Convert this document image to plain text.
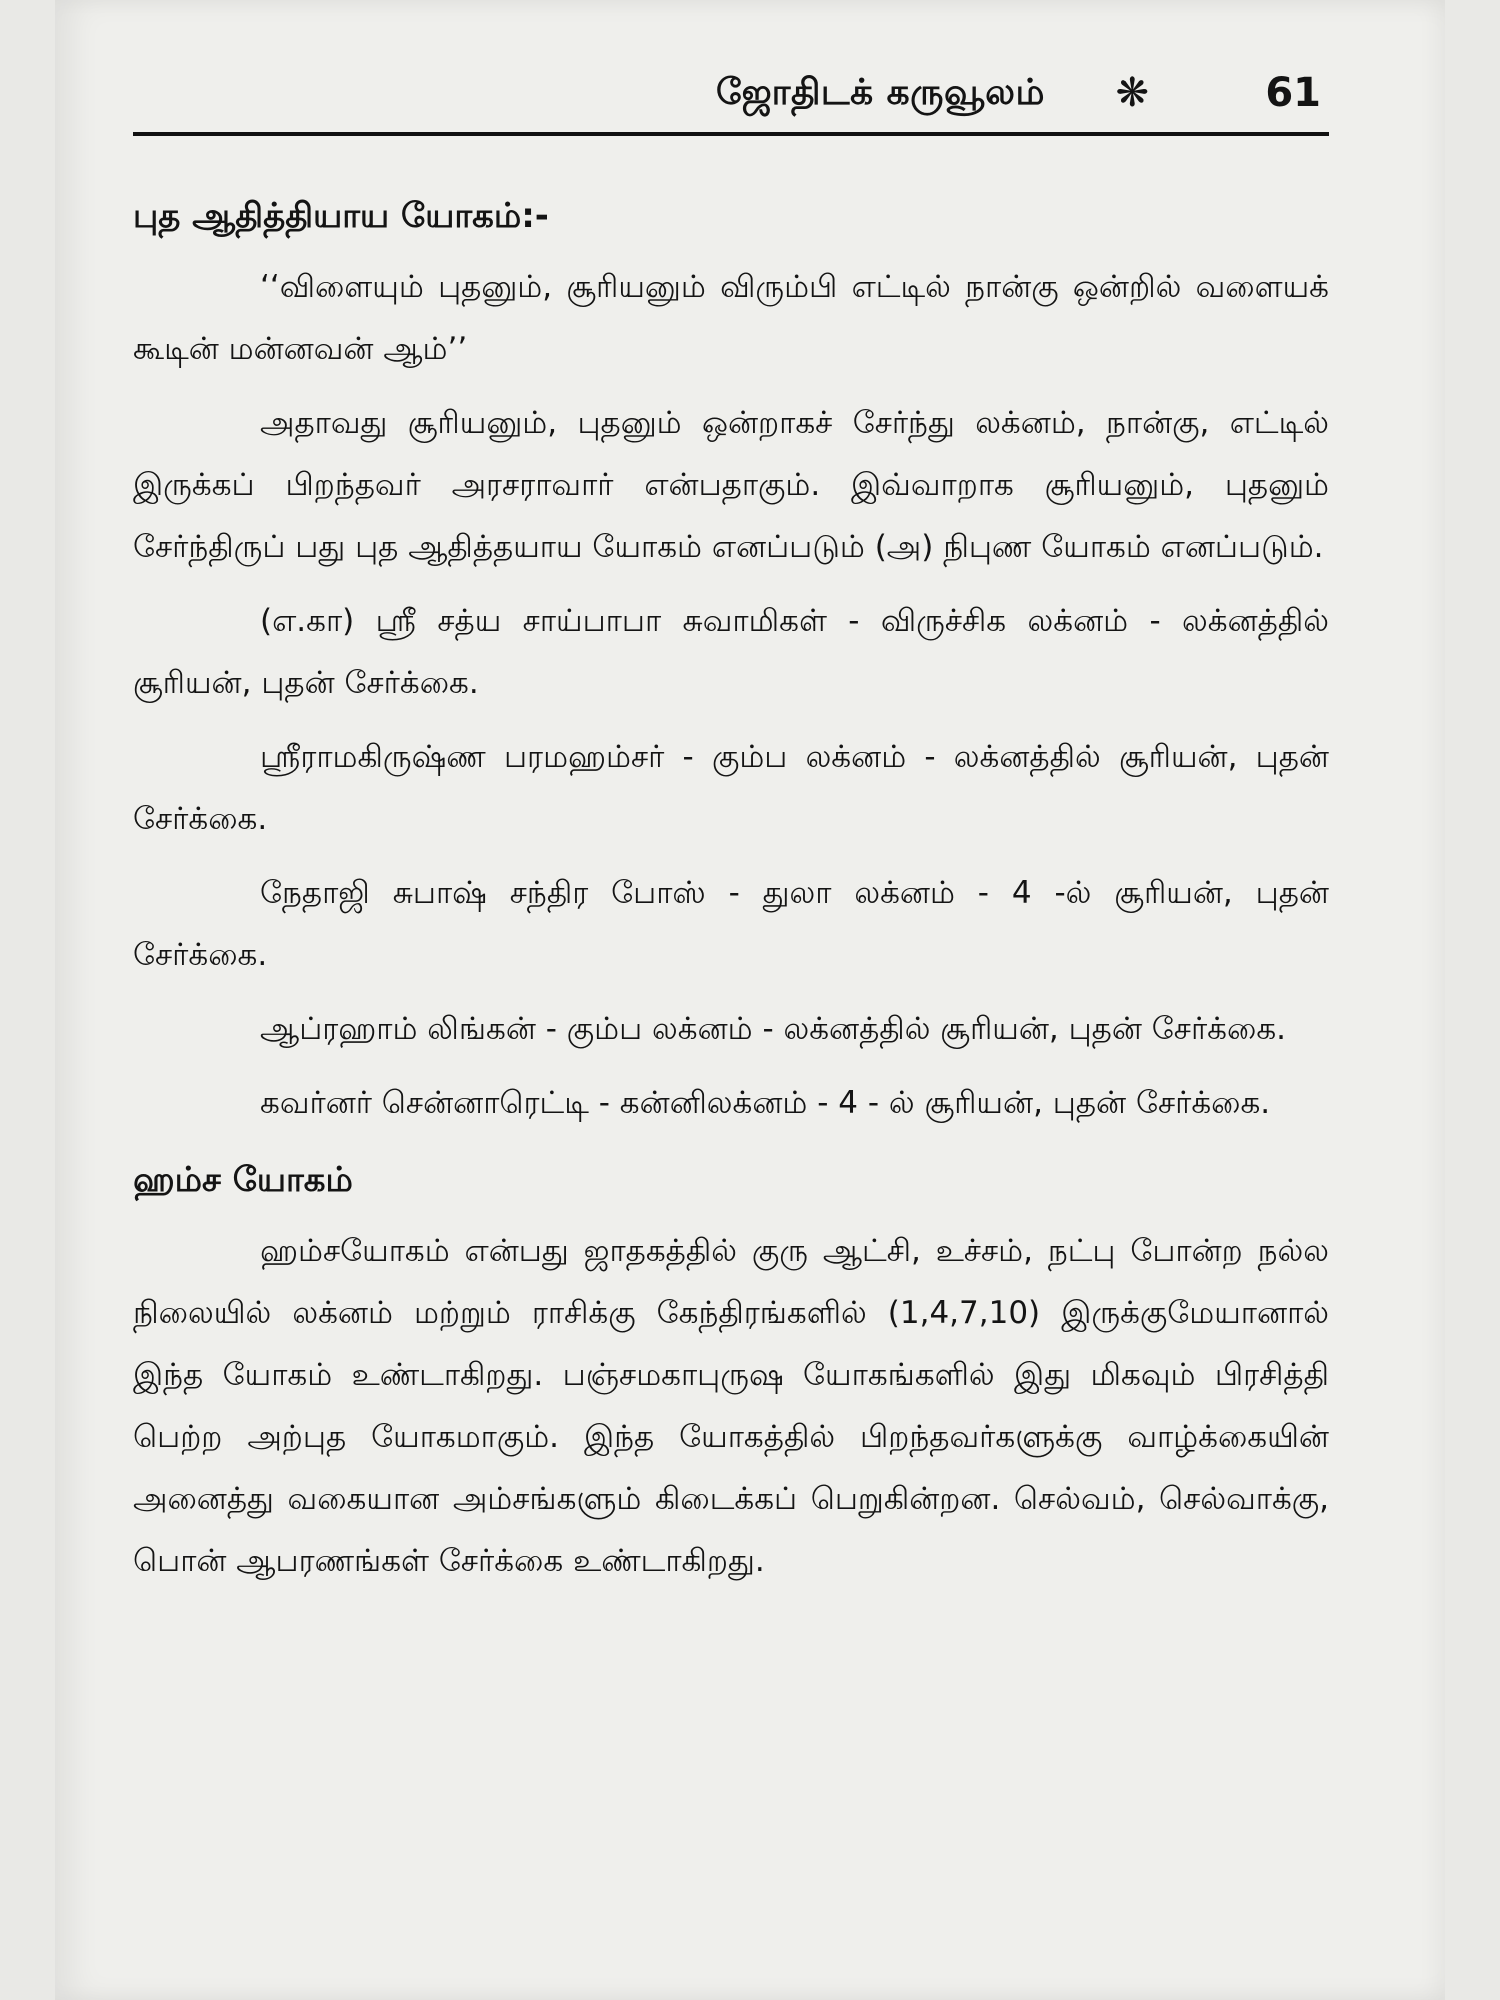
ஜோதிடக் கருவூலம் ❋	61
புத ஆதித்தியாய யோகம்:-

‘‘விளையும் புதனும், சூரியனும் விரும்பி எட்டில் நான்கு ஒன்றில் வளையக் கூடின் மன்னவன் ஆம்’’

அதாவது சூரியனும், புதனும் ஒன்றாகச் சேர்ந்து லக்னம், நான்கு, எட்டில் இருக்கப் பிறந்தவர் அரசராவார் என்பதாகும். இவ்வாறாக சூரியனும், புதனும் சேர்ந்திருப் பது புத ஆதித்தயாய யோகம் எனப்படும் (அ) நிபுண யோகம் எனப்படும்.

(எ.கா) ஸ்ரீ சத்ய சாய்பாபா சுவாமிகள் - விருச்சிக லக்னம் - லக்னத்தில் சூரியன், புதன் சேர்க்கை.

ஸ்ரீராமகிருஷ்ண பரமஹம்சர் - கும்ப லக்னம் - லக்னத்தில் சூரியன், புதன் சேர்க்கை.

நேதாஜி சுபாஷ் சந்திர போஸ் - துலா லக்னம் - 4 -ல் சூரியன், புதன் சேர்க்கை.

ஆப்ரஹாம் லிங்கன் - கும்ப லக்னம் - லக்னத்தில் சூரியன், புதன் சேர்க்கை.

கவர்னர் சென்னாரெட்டி - கன்னிலக்னம் - 4 - ல் சூரியன், புதன் சேர்க்கை.

ஹம்ச யோகம்

ஹம்சயோகம் என்பது ஜாதகத்தில் குரு ஆட்சி, உச்சம், நட்பு போன்ற நல்ல நிலையில் லக்னம் மற்றும் ராசிக்கு கேந்திரங்களில் (1,4,7,10) இருக்குமேயானால் இந்த யோகம் உண்டாகிறது. பஞ்சமகாபுருஷ யோகங்களில் இது மிகவும் பிரசித்தி பெற்ற அற்புத யோகமாகும். இந்த யோகத்தில் பிறந்தவர்களுக்கு வாழ்க்கையின் அனைத்து வகையான அம்சங்களும் கிடைக்கப் பெறுகின்றன. செல்வம், செல்வாக்கு, பொன் ஆபரணங்கள் சேர்க்கை உண்டாகிறது.
